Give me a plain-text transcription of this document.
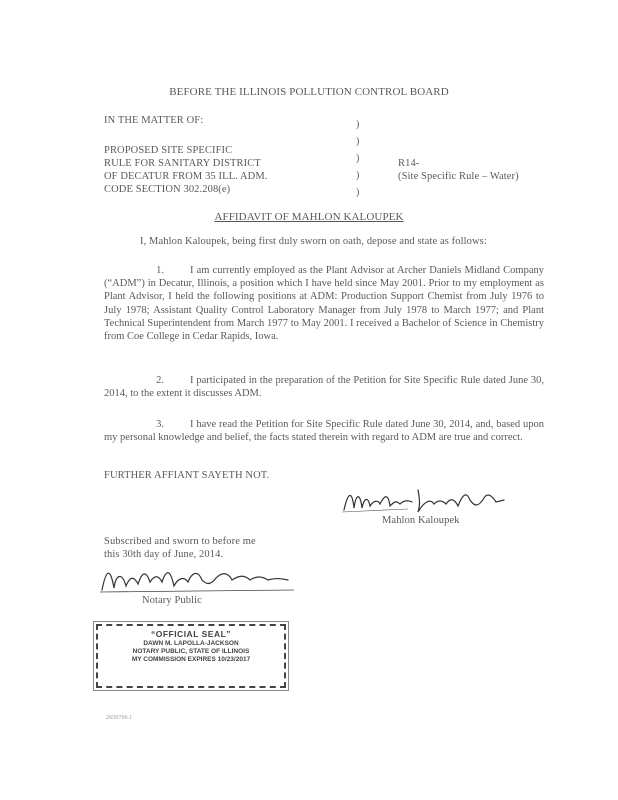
BEFORE THE ILLINOIS POLLUTION CONTROL BOARD
IN THE MATTER OF:
PROPOSED SITE SPECIFIC
RULE FOR SANITARY DISTRICT
OF DECATUR FROM 35 ILL. ADM.
CODE SECTION 302.208(e)
)
)
)
)
)
R14-
(Site Specific Rule – Water)
AFFIDAVIT OF MAHLON KALOUPEK
I, Mahlon Kaloupek, being first duly sworn on oath, depose and state as follows:
1. I am currently employed as the Plant Advisor at Archer Daniels Midland Company (“ADM”) in Decatur, Illinois, a position which I have held since May 2001. Prior to my employment as Plant Advisor, I held the following positions at ADM: Production Support Chemist from July 1976 to July 1978; Assistant Quality Control Laboratory Manager from July 1978 to March 1977; and Plant Technical Superintendent from March 1977 to May 2001. I received a Bachelor of Science in Chemistry from Coe College in Cedar Rapids, Iowa.
2. I participated in the preparation of the Petition for Site Specific Rule dated June 30, 2014, to the extent it discusses ADM.
3. I have read the Petition for Site Specific Rule dated June 30, 2014, and, based upon my personal knowledge and belief, the facts stated therein with regard to ADM are true and correct.
FURTHER AFFIANT SAYETH NOT.
Mahlon Kaloupek
Subscribed and sworn to before me
this 30th day of June, 2014.
Notary Public
“OFFICIAL SEAL”
DAWN M. LAPOLLA-JACKSON
NOTARY PUBLIC, STATE OF ILLINOIS
MY COMMISSION EXPIRES 10/23/2017
2650706.1
